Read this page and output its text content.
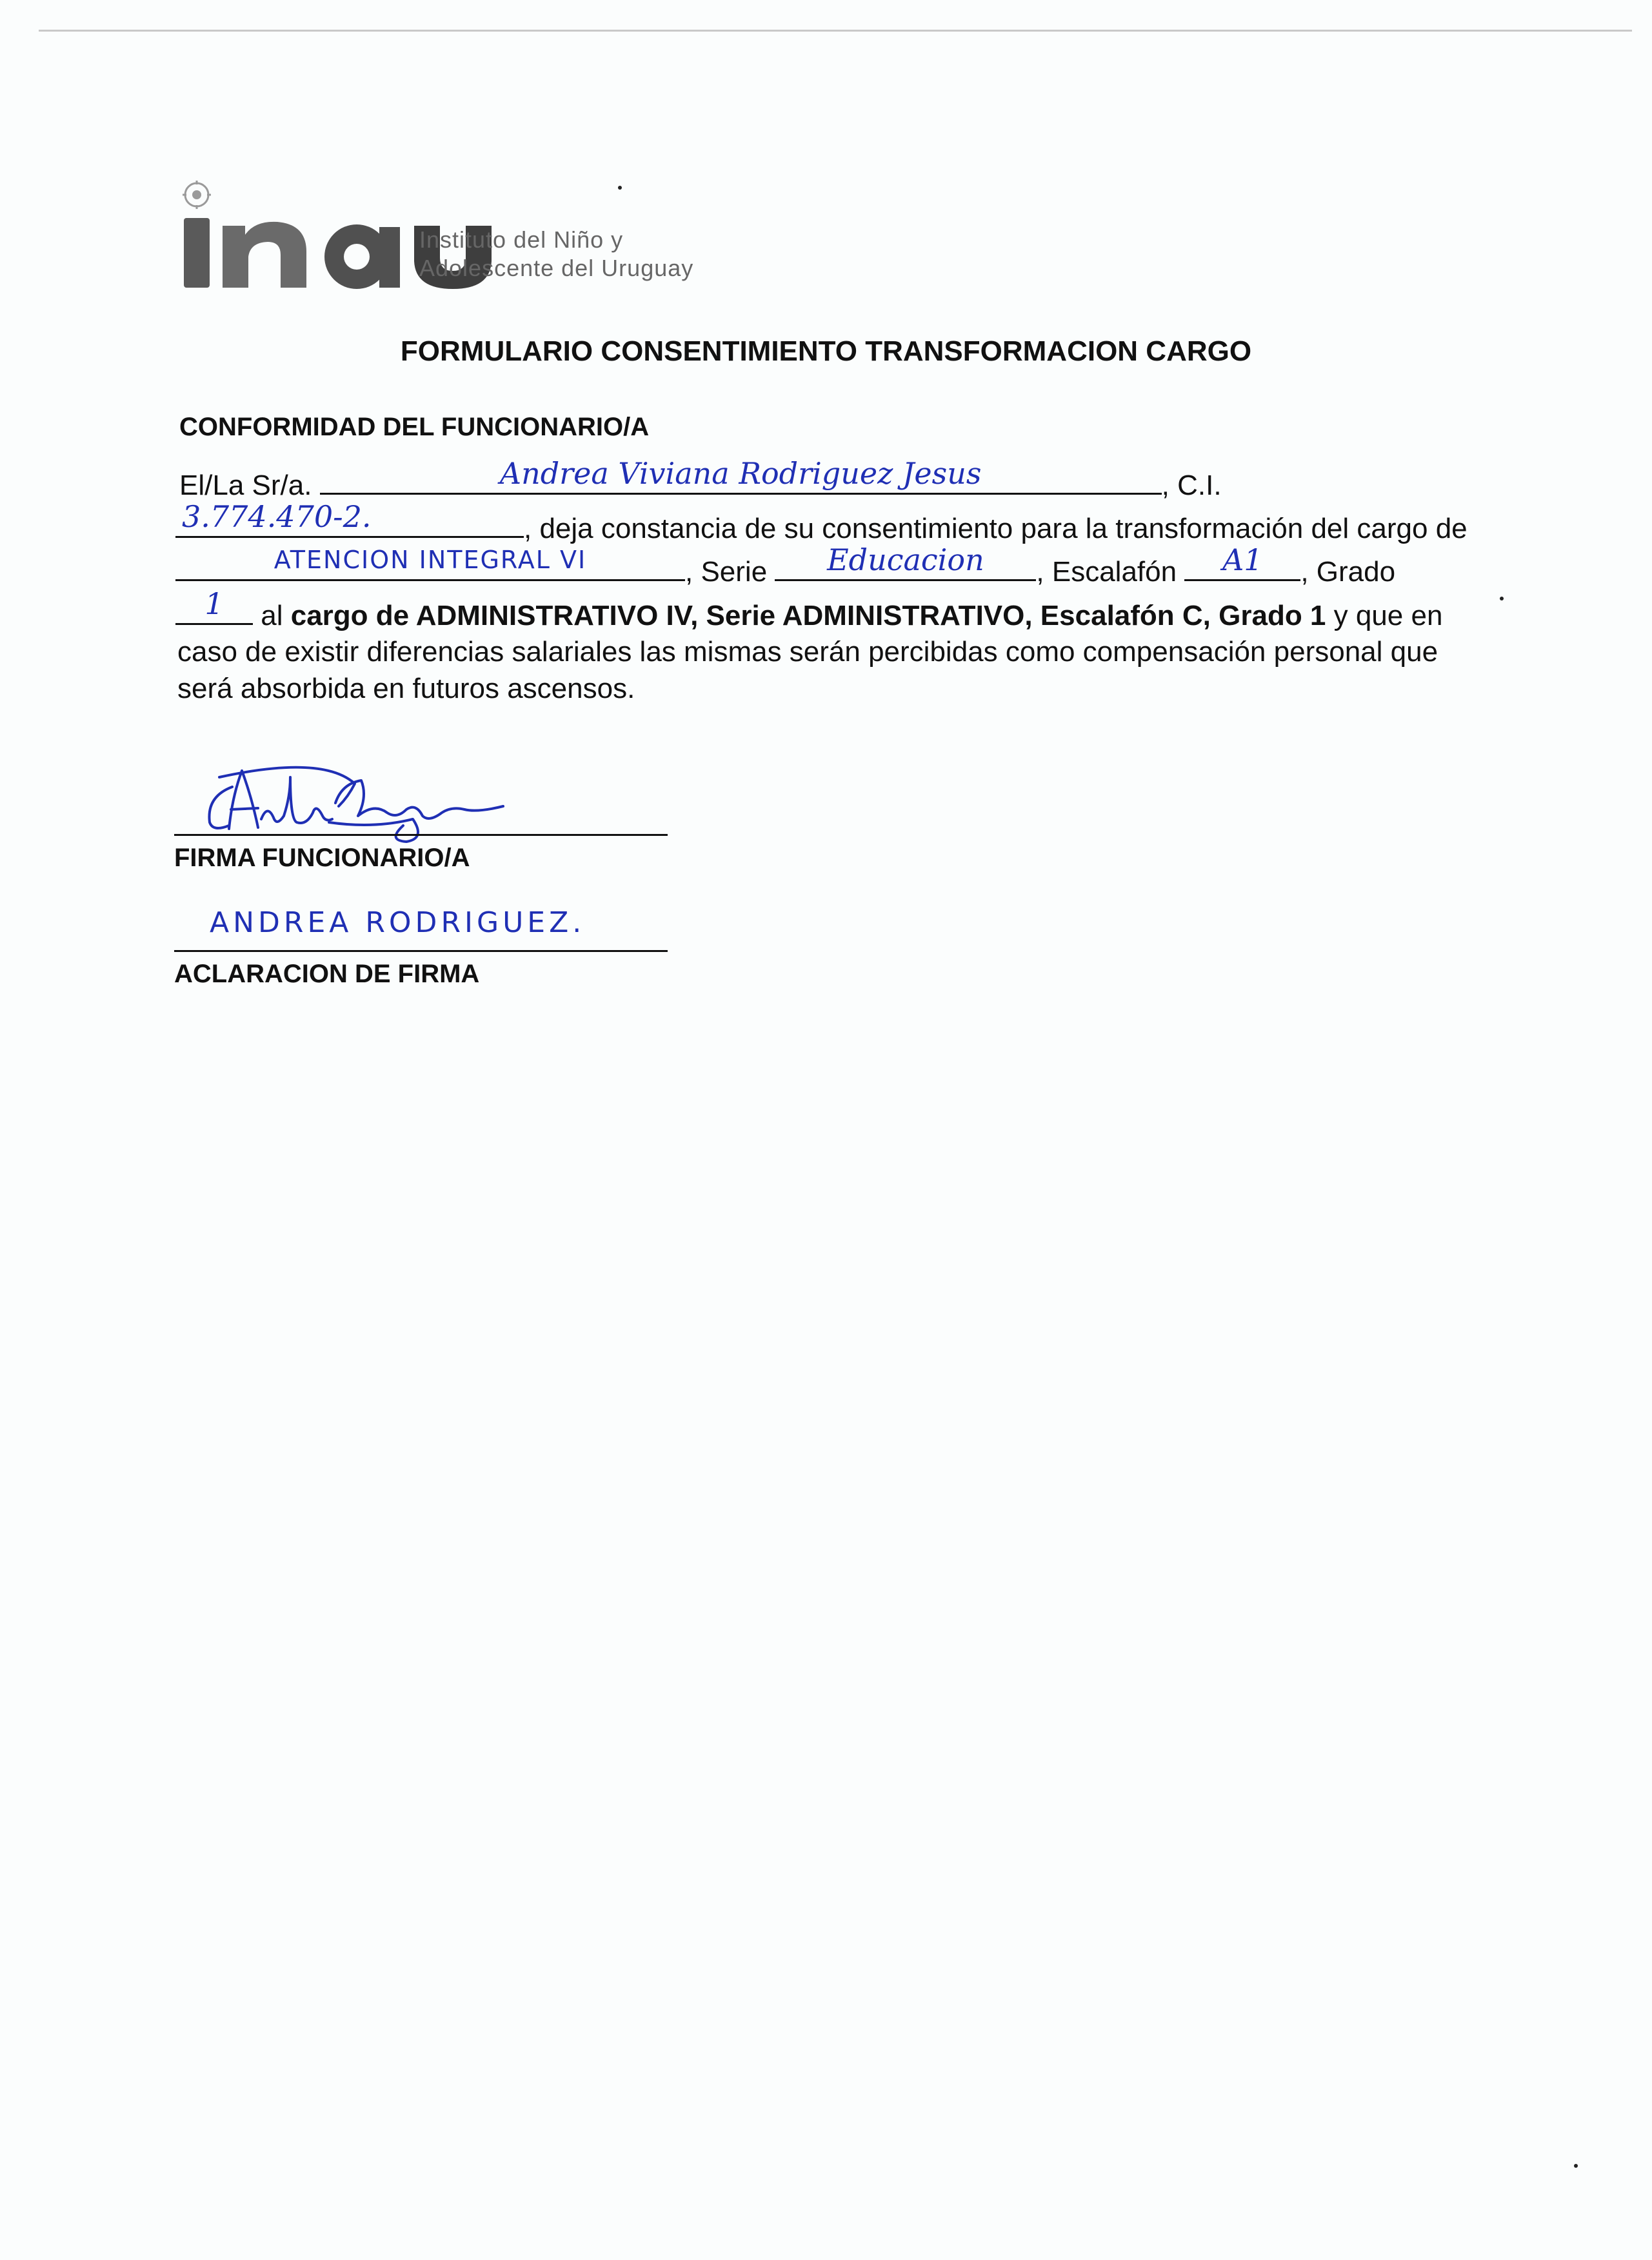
Instituto del Niño y
Adolescente del Uruguay
FORMULARIO CONSENTIMIENTO TRANSFORMACION CARGO
CONFORMIDAD DEL FUNCIONARIO/A
El/La Sr/a.	Andrea Viviana Rodriguez Jesus	, C.I.
3.774.470-2.	, deja constancia de su consentimiento para la transformación del cargo de
ATENCION INTEGRAL VI	, Serie	Educacion	, Escalafón	A1	, Grado
1	al cargo de ADMINISTRATIVO IV, Serie ADMINISTRATIVO, Escalafón C, Grado 1 y que en
caso de existir diferencias salariales las mismas serán percibidas como compensación personal que
será absorbida en futuros ascensos.
FIRMA FUNCIONARIO/A
ANDREA RODRIGUEZ.
ACLARACION DE FIRMA
